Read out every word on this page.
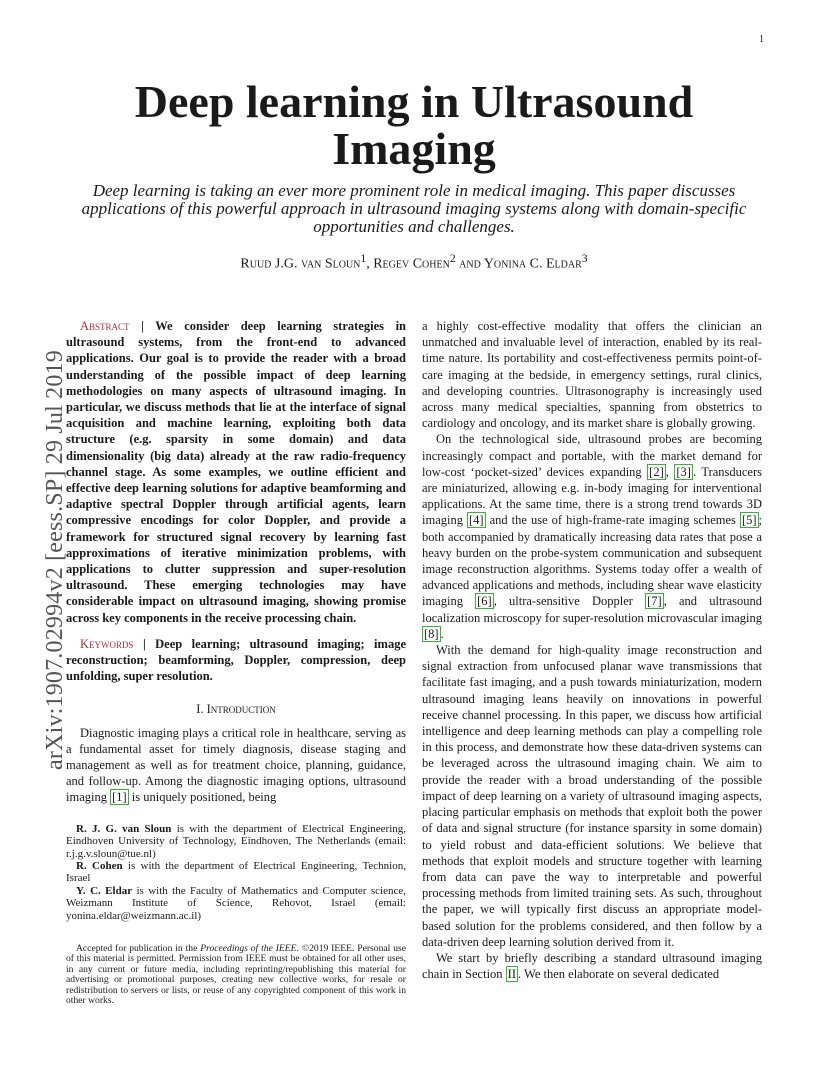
1
arXiv:1907.02994v2 [eess.SP] 29 Jul 2019
Deep learning in Ultrasound
Imaging
Deep learning is taking an ever more prominent role in medical imaging. This paper discusses applications of this powerful approach in ultrasound imaging systems along with domain-specific opportunities and challenges.
Ruud J.G. van Sloun$^1$, Regev Cohen$^2$ and Yonina C. Eldar$^3$

Abstract | We consider deep learning strategies in ultrasound systems, from the front-end to advanced applications. Our goal is to provide the reader with a broad understanding of the possible impact of deep learning methodologies on many aspects of ultrasound imaging. In particular, we discuss methods that lie at the interface of signal acquisition and machine learning, exploiting both data structure (e.g. sparsity in some domain) and data dimensionality (big data) already at the raw radio-frequency channel stage. As some examples, we outline efficient and effective deep learning solutions for adaptive beamforming and adaptive spectral Doppler through artificial agents, learn compressive encodings for color Doppler, and provide a framework for structured signal recovery by learning fast approximations of iterative minimization problems, with applications to clutter suppression and super-resolution ultrasound. These emerging technologies may have considerable impact on ultrasound imaging, showing promise across key components in the receive processing chain.

Keywords | Deep learning; ultrasound imaging; image reconstruction; beamforming, Doppler, compression, deep unfolding, super resolution.

I. Introduction

Diagnostic imaging plays a critical role in healthcare, serving as a fundamental asset for timely diagnosis, disease staging and management as well as for treatment choice, planning, guidance, and follow-up. Among the diagnostic imaging options, ultrasound imaging [1] is uniquely positioned, being

R. J. G. van Sloun is with the department of Electrical Engineering, Eindhoven University of Technology, Eindhoven, The Netherlands (email: r.j.g.v.sloun@tue.nl)
R. Cohen is with the department of Electrical Engineering, Technion, Israel
Y. C. Eldar is with the Faculty of Mathematics and Computer science, Weizmann Institute of Science, Rehovot, Israel (email: yonina.eldar@weizmann.ac.il)
Accepted for publication in the Proceedings of the IEEE. ©2019 IEEE. Personal use of this material is permitted. Permission from IEEE must be obtained for all other uses, in any current or future media, including reprinting/republishing this material for advertising or promotional purposes, creating new collective works, for resale or redistribution to servers or lists, or reuse of any copyrighted component of this work in other works.

a highly cost-effective modality that offers the clinician an unmatched and invaluable level of interaction, enabled by its real-time nature. Its portability and cost-effectiveness permits point-of-care imaging at the bedside, in emergency settings, rural clinics, and developing countries. Ultrasonography is increasingly used across many medical specialties, spanning from obstetrics to cardiology and oncology, and its market share is globally growing.

On the technological side, ultrasound probes are becoming increasingly compact and portable, with the market demand for low-cost ‘pocket-sized’ devices expanding [2] , [3] . Transducers are miniaturized, allowing e.g. in-body imaging for interventional applications. At the same time, there is a strong trend towards 3D imaging [4] and the use of high-frame-rate imaging schemes [5] ; both accompanied by dramatically increasing data rates that pose a heavy burden on the probe-system communication and subsequent image reconstruction algorithms. Systems today offer a wealth of advanced applications and methods, including shear wave elasticity imaging [6] , ultra-sensitive Doppler [7] , and ultrasound localization microscopy for super-resolution microvascular imaging [8] .

With the demand for high-quality image reconstruction and signal extraction from unfocused planar wave transmissions that facilitate fast imaging, and a push towards miniaturization, modern ultrasound imaging leans heavily on innovations in powerful receive channel processing. In this paper, we discuss how artificial intelligence and deep learning methods can play a compelling role in this process, and demonstrate how these data-driven systems can be leveraged across the ultrasound imaging chain. We aim to provide the reader with a broad understanding of the possible impact of deep learning on a variety of ultrasound imaging aspects, placing particular emphasis on methods that exploit both the power of data and signal structure (for instance sparsity in some domain) to yield robust and data-efficient solutions. We believe that methods that exploit models and structure together with learning from data can pave the way to interpretable and powerful processing methods from limited training sets. As such, throughout the paper, we will typically first discuss an appropriate model-based solution for the problems considered, and then follow by a data-driven deep learning solution derived from it.

We start by briefly describing a standard ultrasound imaging chain in Section II . We then elaborate on several dedicated
